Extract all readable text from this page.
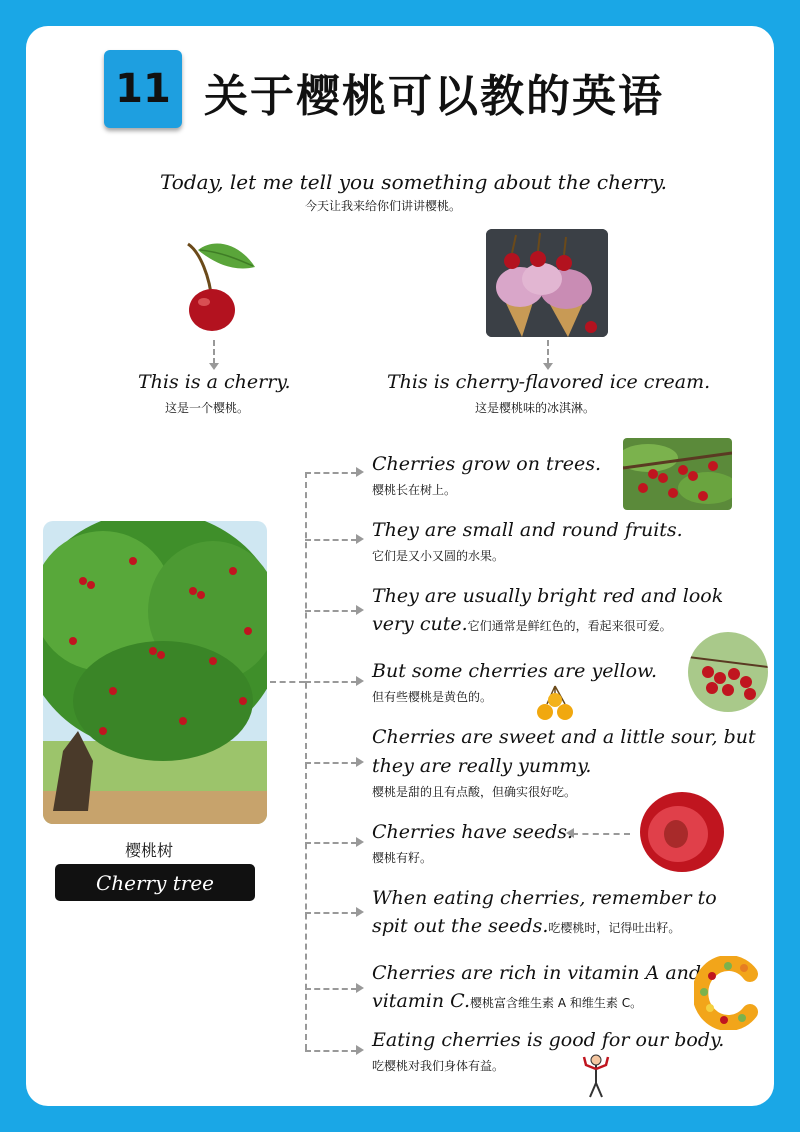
11 关于樱桃可以教的英语
Today, let me tell you something about the cherry.
今天让我来给你们讲讲樱桃。
This is a cherry.
这是一个樱桃。
This is cherry-flavored ice cream.
这是樱桃味的冰淇淋。
樱桃树
Cherry tree
Cherries grow on trees.
樱桃长在树上。
They are small and round fruits.
它们是又小又圆的水果。
They are usually bright red and look
very cute.它们通常是鲜红色的，看起来很可爱。
But some cherries are yellow.
但有些樱桃是黄色的。
Cherries are sweet and a little sour, but
they are really yummy.
樱桃是甜的且有点酸，但确实很好吃。
Cherries have seeds.
樱桃有籽。
When eating cherries, remember to
spit out the seeds.吃樱桃时，记得吐出籽。
Cherries are rich in vitamin A and
vitamin C.樱桃富含维生素 A 和维生素 C。
Eating cherries is good for our body.
吃樱桃对我们身体有益。
